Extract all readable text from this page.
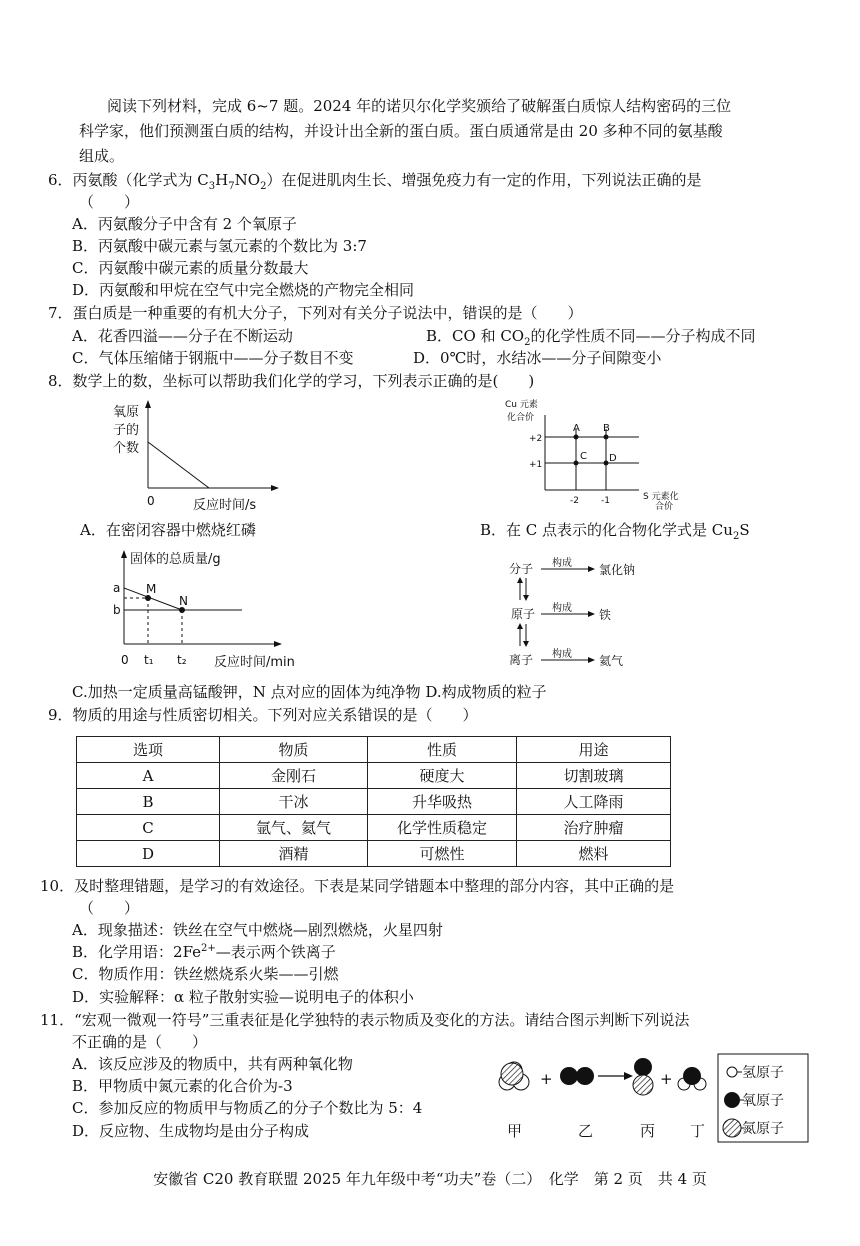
阅读下列材料，完成 6~7 题。2024 年的诺贝尔化学奖颁给了破解蛋白质惊人结构密码的三位
科学家，他们预测蛋白质的结构，并设计出全新的蛋白质。蛋白质通常是由 20 多种不同的氨基酸
组成。
6．丙氨酸（化学式为 $C_3H_7NO_2$）在促进肌肉生长、增强免疫力有一定的作用，下列说法正确的是
（　　）
A．丙氨酸分子中含有 2 个氧原子
B．丙氨酸中碳元素与氢元素的个数比为 3:7
C．丙氨酸中碳元素的质量分数最大
D．丙氨酸和甲烷在空气中完全燃烧的产物完全相同
7．蛋白质是一种重要的有机大分子，下列对有关分子说法中，错误的是（　　）
A．花香四溢——分子在不断运动	B．CO 和 $CO_2$的化学性质不同——分子构成不同
C．气体压缩储于钢瓶中——分子数目不变	D．0℃时，水结冰——分子间隙变小
8．数学上的数，坐标可以帮助我们化学的学习，下列表示正确的是(　　)
氧原
子的
个数
0	反应时间/s
Cu 元素
化合价
+2
+1
-2 -1
A B
C D
S 元素化
合价
A．在密闭容器中燃烧红磷	B．在 C 点表示的化合物化学式是 $Cu_2S$
固体的总质量/g
a
b
M
N
0 t₁ t₂ 反应时间/min
分子
原子
离子
构成
构成
构成
氯化钠
铁
氦气
C.加热一定质量高锰酸钾，N 点对应的固体为纯净物 D.构成物质的粒子
9．物质的用途与性质密切相关。下列对应关系错误的是（　　）
选项	物质	性质	用途
A	金刚石	硬度大	切割玻璃
B	干冰	升华吸热	人工降雨
C	氩气、氦气	化学性质稳定	治疗肿瘤
D	酒精	可燃性	燃料
10．及时整理错题，是学习的有效途径。下表是某同学错题本中整理的部分内容，其中正确的是
（　　）
A．现象描述：铁丝在空气中燃烧—剧烈燃烧，火星四射
B．化学用语：$2Fe^{2+}—$表示两个铁离子
C．物质作用：铁丝燃烧系火柴——引燃
D．实验解释：α 粒子散射实验—说明电子的体积小
11．“宏观一微观一符号”三重表征是化学独特的表示物质及变化的方法。请结合图示判断下列说法
不正确的是（　　）
A．该反应涉及的物质中，共有两种氧化物
B．甲物质中氮元素的化合价为-3
C．参加反应的物质甲与物质乙的分子个数比为 5：4
D．反应物、生成物均是由分子构成
+	+
甲	乙	丙 丁
氢原子
氧原子
氮原子
安徽省 C20 教育联盟 2025 年九年级中考“功夫”卷（二）　化学　第 2 页　共 4 页
